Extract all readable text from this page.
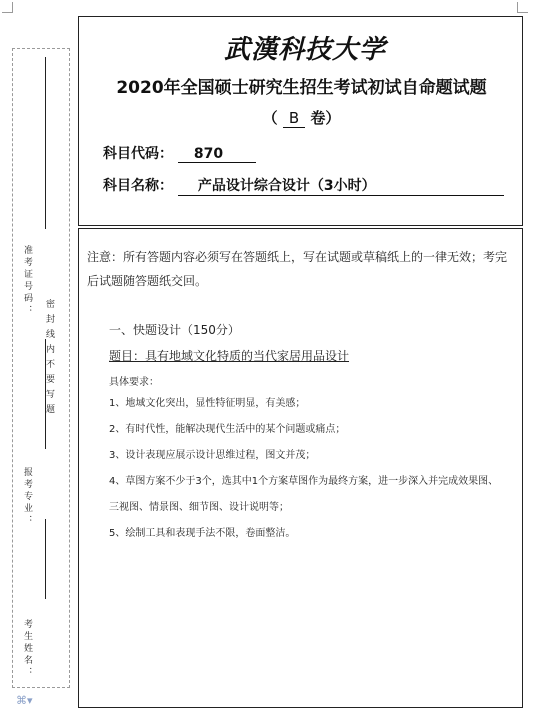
准考证号码：
密封线内不要写题
报考专业：
考生姓名：
武漢科技大学
2020年全国硕士研究生招生考试初试自命题试题
（ B 卷）
科目代码： 870
科目名称： 产品设计综合设计（3小时）
注意：所有答题内容必须写在答题纸上，写在试题或草稿纸上的一律无效；考完后试题随答题纸交回。
一、快题设计（150分）
题目：具有地域文化特质的当代家居用品设计
具体要求：
1、地域文化突出，显性特征明显，有美感；
2、有时代性，能解决现代生活中的某个问题或痛点；
3、设计表现应展示设计思维过程，图文并茂；
4、草图方案不少于3个，选其中1个方案草图作为最终方案，进一步深入并完成效果图、三视图、情景图、细节图、设计说明等；
5、绘制工具和表现手法不限，卷面整洁。
⌘▾
